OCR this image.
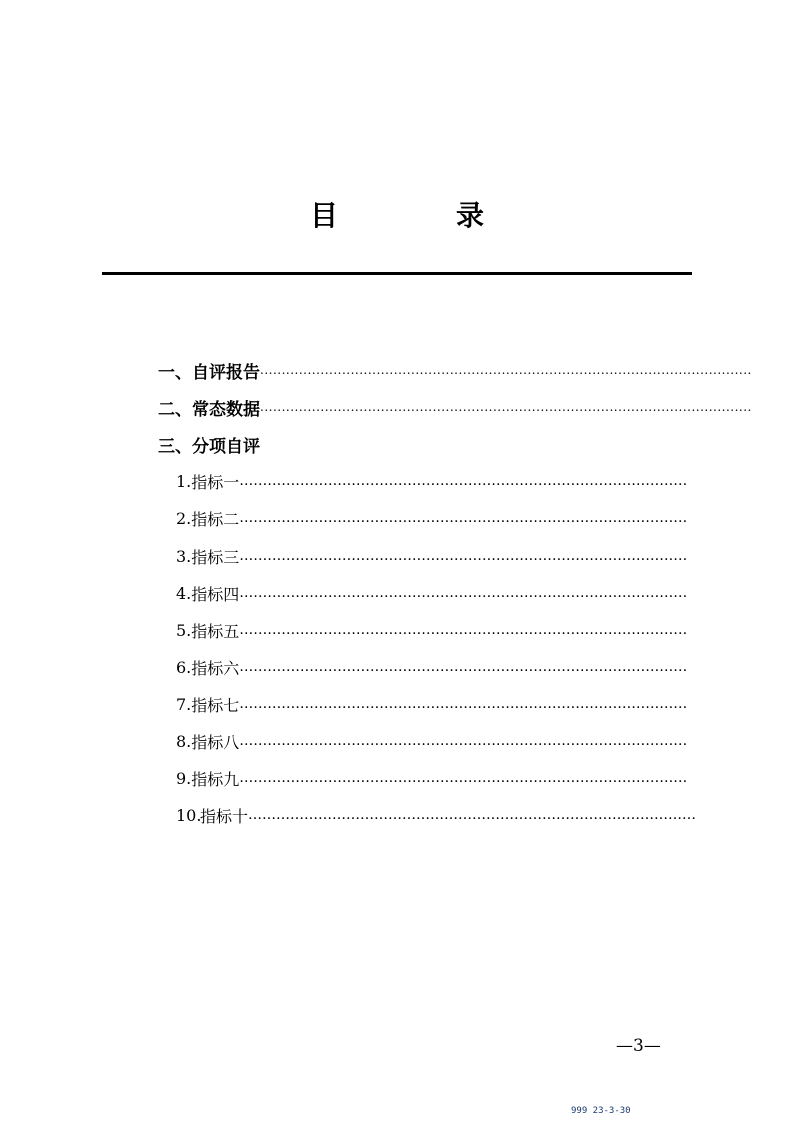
目	录
一、自评报告 ..................................................................................................................
二、常态数据 ..................................................................................................................
三、分项自评
1. 指标一 ……………………………………………………………………………………
2. 指标二 ……………………………………………………………………………………
3. 指标三 ……………………………………………………………………………………
4. 指标四 ……………………………………………………………………………………
5. 指标五 ……………………………………………………………………………………
6. 指标六 ……………………………………………………………………………………
7. 指标七 ……………………………………………………………………………………
8. 指标八 ……………………………………………………………………………………
9. 指标九 ……………………………………………………………………………………
10.
指标十 ……………………………………………………………………………………
—3—
999 23-3-30
